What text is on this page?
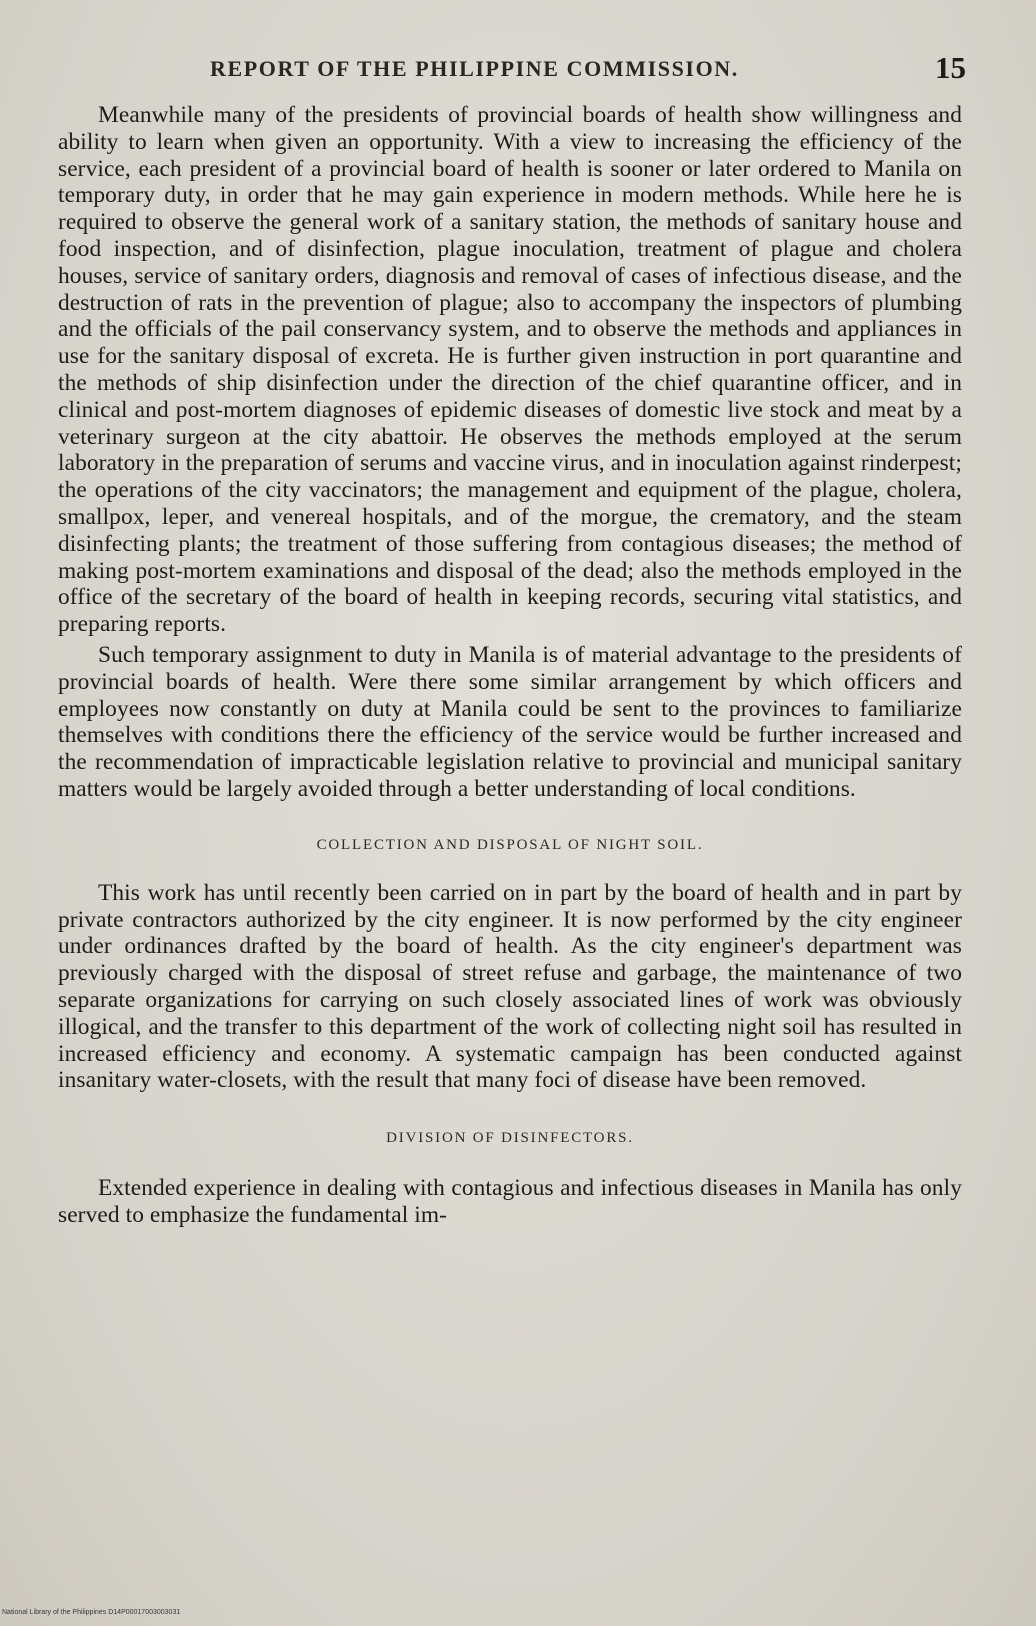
REPORT OF THE PHILIPPINE COMMISSION.	15

Meanwhile many of the presidents of provincial boards of health show willingness and ability to learn when given an opportunity. With a view to increasing the efficiency of the service, each president of a provincial board of health is sooner or later ordered to Manila on temporary duty, in order that he may gain experience in modern methods. While here he is required to observe the general work of a sanitary station, the methods of sanitary house and food inspection, and of disinfection, plague inoculation, treatment of plague and cholera houses, service of sanitary orders, diagnosis and removal of cases of infectious disease, and the destruction of rats in the prevention of plague; also to accompany the inspectors of plumbing and the officials of the pail conservancy system, and to observe the methods and appliances in use for the sanitary disposal of excreta. He is further given instruction in port quarantine and the methods of ship disinfection under the direction of the chief quarantine officer, and in clinical and post-mortem diagnoses of epidemic diseases of domestic live stock and meat by a veterinary surgeon at the city abattoir. He observes the methods employed at the serum laboratory in the preparation of serums and vaccine virus, and in inoculation against rinderpest; the operations of the city vaccinators; the management and equipment of the plague, cholera, smallpox, leper, and venereal hospitals, and of the morgue, the crematory, and the steam disinfecting plants; the treatment of those suffering from contagious diseases; the method of making post-mortem examinations and disposal of the dead; also the methods employed in the office of the secretary of the board of health in keeping records, securing vital statistics, and preparing reports.

Such temporary assignment to duty in Manila is of material advantage to the presidents of provincial boards of health. Were there some similar arrangement by which officers and employees now constantly on duty at Manila could be sent to the provinces to familiarize themselves with conditions there the efficiency of the service would be further increased and the recommendation of impracticable legislation relative to provincial and municipal sanitary matters would be largely avoided through a better understanding of local conditions.

COLLECTION AND DISPOSAL OF NIGHT SOIL.

This work has until recently been carried on in part by the board of health and in part by private contractors authorized by the city engineer. It is now performed by the city engineer under ordinances drafted by the board of health. As the city engineer's department was previously charged with the disposal of street refuse and garbage, the maintenance of two separate organizations for carrying on such closely associated lines of work was obviously illogical, and the transfer to this department of the work of collecting night soil has resulted in increased efficiency and economy. A systematic campaign has been conducted against insanitary water-closets, with the result that many foci of disease have been removed.

DIVISION OF DISINFECTORS.

Extended experience in dealing with contagious and infectious diseases in Manila has only served to emphasize the fundamental im-

National Library of the Philippines D14P00017003003031
